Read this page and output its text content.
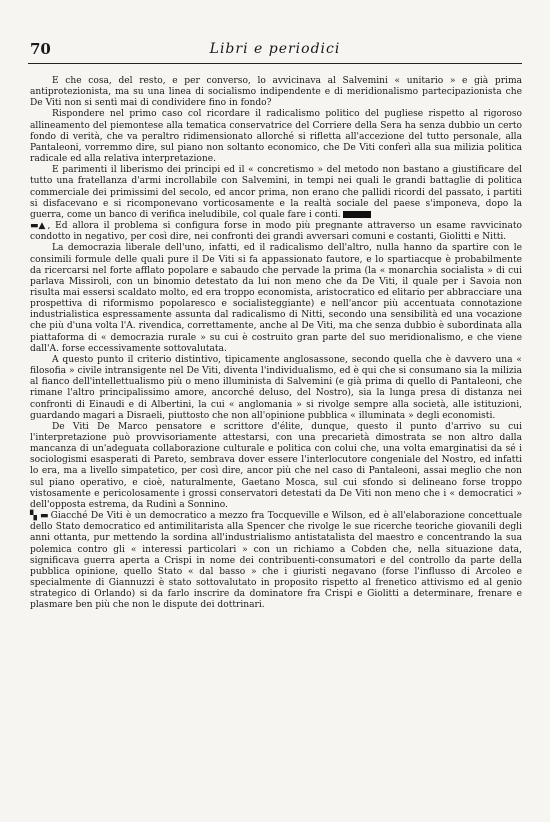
70	Libri e periodici

E che cosa, del resto, e per converso, lo avvicinava al Salvemini « unitario » e già prima antiprotezionista, ma su una linea di socialismo indipendente e di meridionalismo partecipazionista che De Viti non si sentì mai di condividere fino in fondo?

Rispondere nel primo caso col ricordare il radicalismo politico del pugliese rispetto al rigoroso allineamento del piemontese alla tematica conservatrice del Corriere della Sera ha senza dubbio un certo fondo di verità, che va peraltro ridimensionato allorché si rifletta all'accezione del tutto personale, alla Pantaleoni, vorremmo dire, sul piano non soltanto economico, che De Viti conferì alla sua milizia politica radicale ed alla relativa interpretazione.

E parimenti il liberismo dei principi ed il « concretismo » del metodo non bastano a giustificare del tutto una fratellanza d'armi incrollabile con Salvemini, in tempi nei quali le grandi battaglie di politica commerciale dei primissimi del secolo, ed ancor prima, non erano che pallidi ricordi del passato, i partiti si disfacevano e si ricomponevano vorticosamente e la realtà sociale del paese s'imponeva, dopo la guerra, come un banco di verifica ineludibile, col quale fare i conti.

▬▲ , Ed allora il problema si configura forse in modo più pregnante attraverso un esame ravvicinato condotto in negativo, per così dire, nei confronti dei grandi avversari comuni e costanti, Giolitti e Nitti.

La democrazia liberale dell'uno, infatti, ed il radicalismo dell'altro, nulla hanno da spartire con le consimili formule delle quali pure il De Viti si fa appassionato fautore, e lo spartiacque è probabilmente da ricercarsi nel forte afflato popolare e sabaudo che pervade la prima (la « monarchia socialista » di cui parlava Missiroli, con un binomio detestato da lui non meno che da De Viti, il quale per i Savoia non risulta mai essersi scaldato molto, ed era troppo economista, aristocratico ed elitario per abbracciare una prospettiva di riformismo popolaresco e socialisteggiante) e nell'ancor più accentuata connotazione industrialistica espressamente assunta dal radicalismo di Nitti, secondo una sensibilità ed una vocazione che più d'una volta l'A. rivendica, correttamente, anche al De Viti, ma che senza dubbio è subordinata alla piattaforma di « democrazia rurale » su cui è costruito gran parte del suo meridionalismo, e che viene dall'A. forse eccessivamente sottovalutata.

A questo punto il criterio distintivo, tipicamente anglosassone, secondo quella che è davvero una « filosofia » civile intransigente nel De Viti, diventa l'individualismo, ed è qui che si consumano sia la milizia al fianco dell'intellettualismo più o meno illuminista di Salvemini (e già prima di quello di Pantaleoni, che rimane l'altro principalissimo amore, ancorché deluso, del Nostro), sia la lunga presa di distanza nei confronti di Einaudi e di Albertini, la cui « anglomania » si rivolge sempre alla società, alle istituzioni, guardando magari a Disraeli, piuttosto che non all'opinione pubblica « illuminata » degli economisti.

De Viti De Marco pensatore e scrittore d'élite, dunque, questo il punto d'arrivo su cui l'interpretazione può provvisoriamente attestarsi, con una precarietà dimostrata se non altro dalla mancanza di un'adeguata collaborazione culturale e politica con colui che, una volta emarginatisi da sé i sociologismi esasperati di Pareto, sembrava dover essere l'interlocutore congeniale del Nostro, ed infatti lo era, ma a livello simpatetico, per così dire, ancor più che nel caso di Pantaleoni, assai meglio che non sul piano operativo, e cioè, naturalmente, Gaetano Mosca, sul cui sfondo si delineano forse troppo vistosamente e pericolosamente i grossi conservatori detestati da De Viti non meno che i « democratici » dell'opposta estrema, da Rudinì a Sonnino.

▚ ▬ Giacché De Viti è un democratico a mezzo fra Tocqueville e Wilson, ed è all'elaborazione concettuale dello Stato democratico ed antimilitarista alla Spencer che rivolge le sue ricerche teoriche giovanili degli anni ottanta, pur mettendo la sordina all'industrialismo antistatalista del maestro e concentrando la sua polemica contro gli « interessi particolari » con un richiamo a Cobden che, nella situazione data, significava guerra aperta a Crispi in nome dei contribuenti-consumatori e del controllo da parte della pubblica opinione, quello Stato « dal basso » che i giuristi negavano (forse l'influsso di Arcoleo e specialmente di Giannuzzi è stato sottovalutato in proposito rispetto al frenetico attivismo ed al genio strategico di Orlando) si da farlo inscrire da dominatore fra Crispi e Giolitti a determinare, frenare e plasmare ben più che non le dispute dei dottrinari.
